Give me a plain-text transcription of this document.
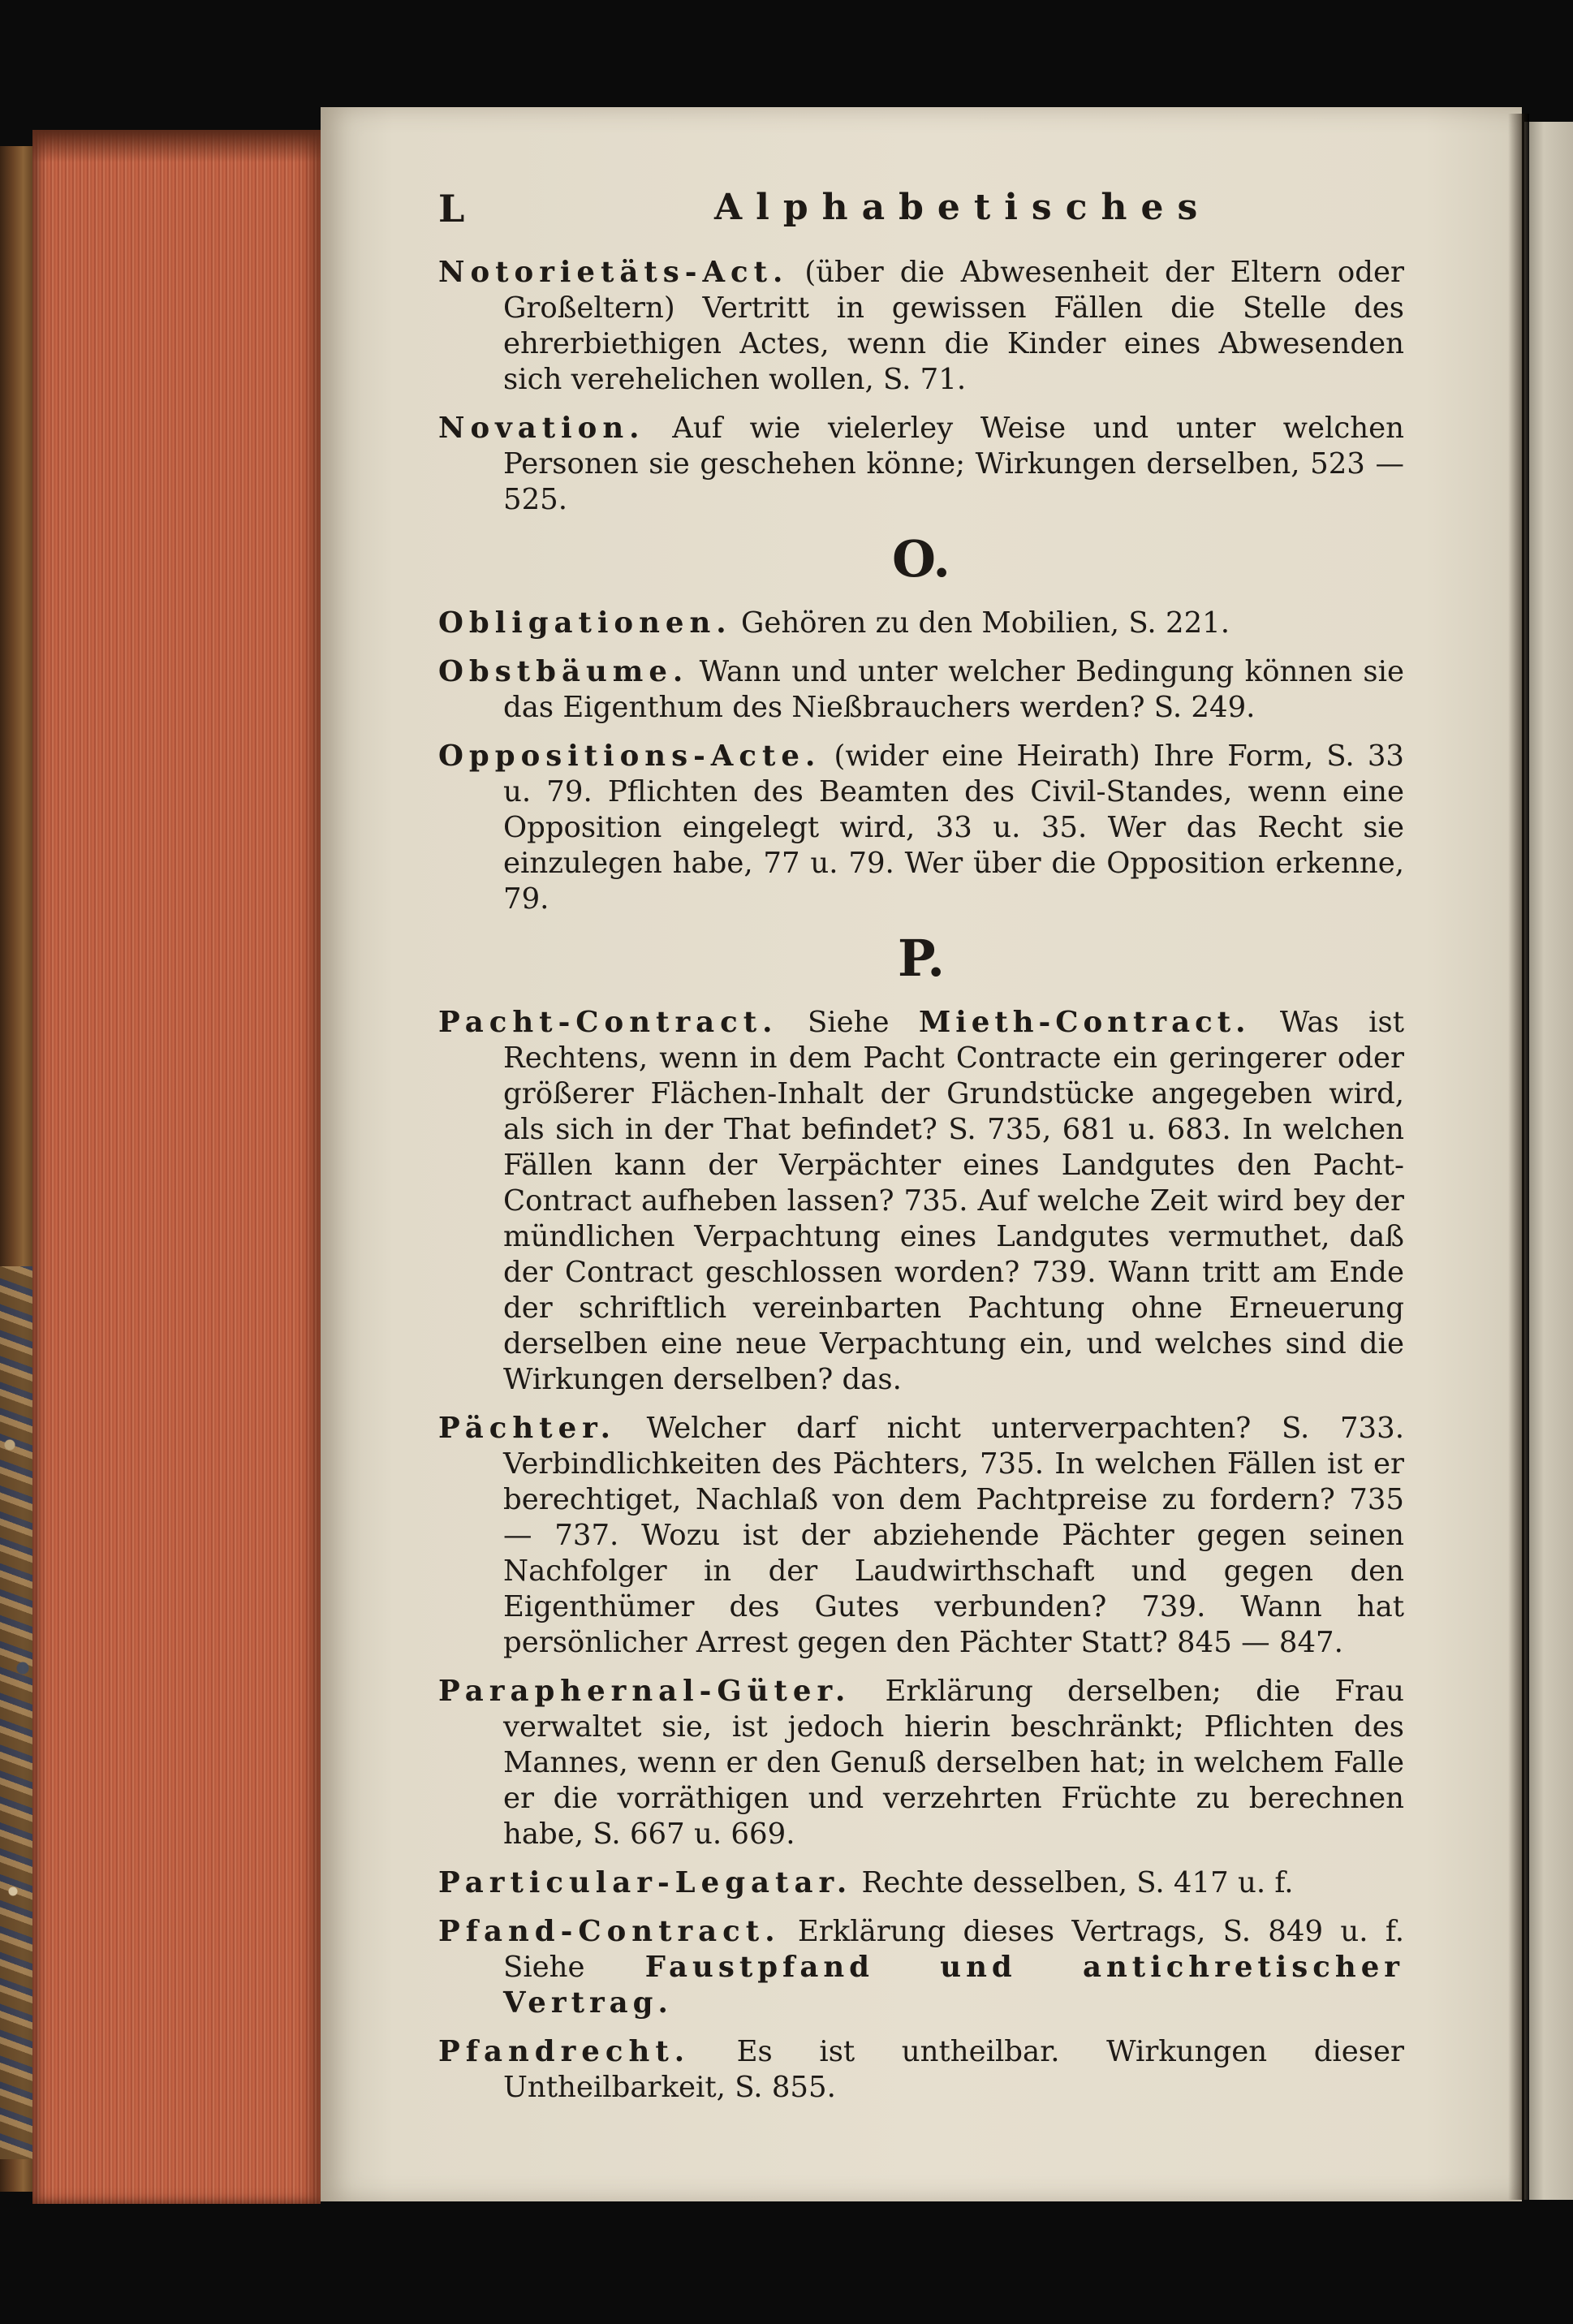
L	Alphabetisches
Notorietäts-Act. (über die Abwesenheit der Eltern oder Großeltern) Vertritt in gewissen Fällen die Stelle des ehrerbiethigen Actes, wenn die Kinder eines Abwesenden sich verehelichen wollen, S. 71.
Novation. Auf wie vielerley Weise und unter welchen Personen sie geschehen könne; Wirkungen derselben, 523 — 525.
O.
Obligationen. Gehören zu den Mobilien, S. 221.
Obstbäume. Wann und unter welcher Bedingung können sie das Eigenthum des Nießbrauchers werden? S. 249.
Oppositions-Acte. (wider eine Heirath) Ihre Form, S. 33 u. 79. Pflichten des Beamten des Civil-Standes, wenn eine Opposition eingelegt wird, 33 u. 35. Wer das Recht sie einzulegen habe, 77 u. 79. Wer über die Opposition erkenne, 79.
P.
Pacht-Contract. Siehe Mieth-Contract. Was ist Rechtens, wenn in dem Pacht Contracte ein geringerer oder größerer Flächen-Inhalt der Grundstücke angegeben wird, als sich in der That befindet? S. 735, 681 u. 683. In welchen Fällen kann der Verpächter eines Landgutes den Pacht-Contract aufheben lassen? 735. Auf welche Zeit wird bey der mündlichen Verpachtung eines Landgutes vermuthet, daß der Contract geschlossen worden? 739. Wann tritt am Ende der schriftlich vereinbarten Pachtung ohne Erneuerung derselben eine neue Verpachtung ein, und welches sind die Wirkungen derselben? das.
Pächter. Welcher darf nicht unterverpachten? S. 733. Verbindlichkeiten des Pächters, 735. In welchen Fällen ist er berechtiget, Nachlaß von dem Pachtpreise zu fordern? 735 — 737. Wozu ist der abziehende Pächter gegen seinen Nachfolger in der Laudwirthschaft und gegen den Eigenthümer des Gutes verbunden? 739. Wann hat persönlicher Arrest gegen den Pächter Statt? 845 — 847.
Paraphernal-Güter. Erklärung derselben; die Frau verwaltet sie, ist jedoch hierin beschränkt; Pflichten des Mannes, wenn er den Genuß derselben hat; in welchem Falle er die vorräthigen und verzehrten Früchte zu berechnen habe, S. 667 u. 669.
Particular-Legatar. Rechte desselben, S. 417 u. f.
Pfand-Contract. Erklärung dieses Vertrags, S. 849 u. f. Siehe Faustpfand und antichretischer Vertrag.
Pfandrecht. Es ist untheilbar. Wirkungen dieser Untheilbarkeit, S. 855.
